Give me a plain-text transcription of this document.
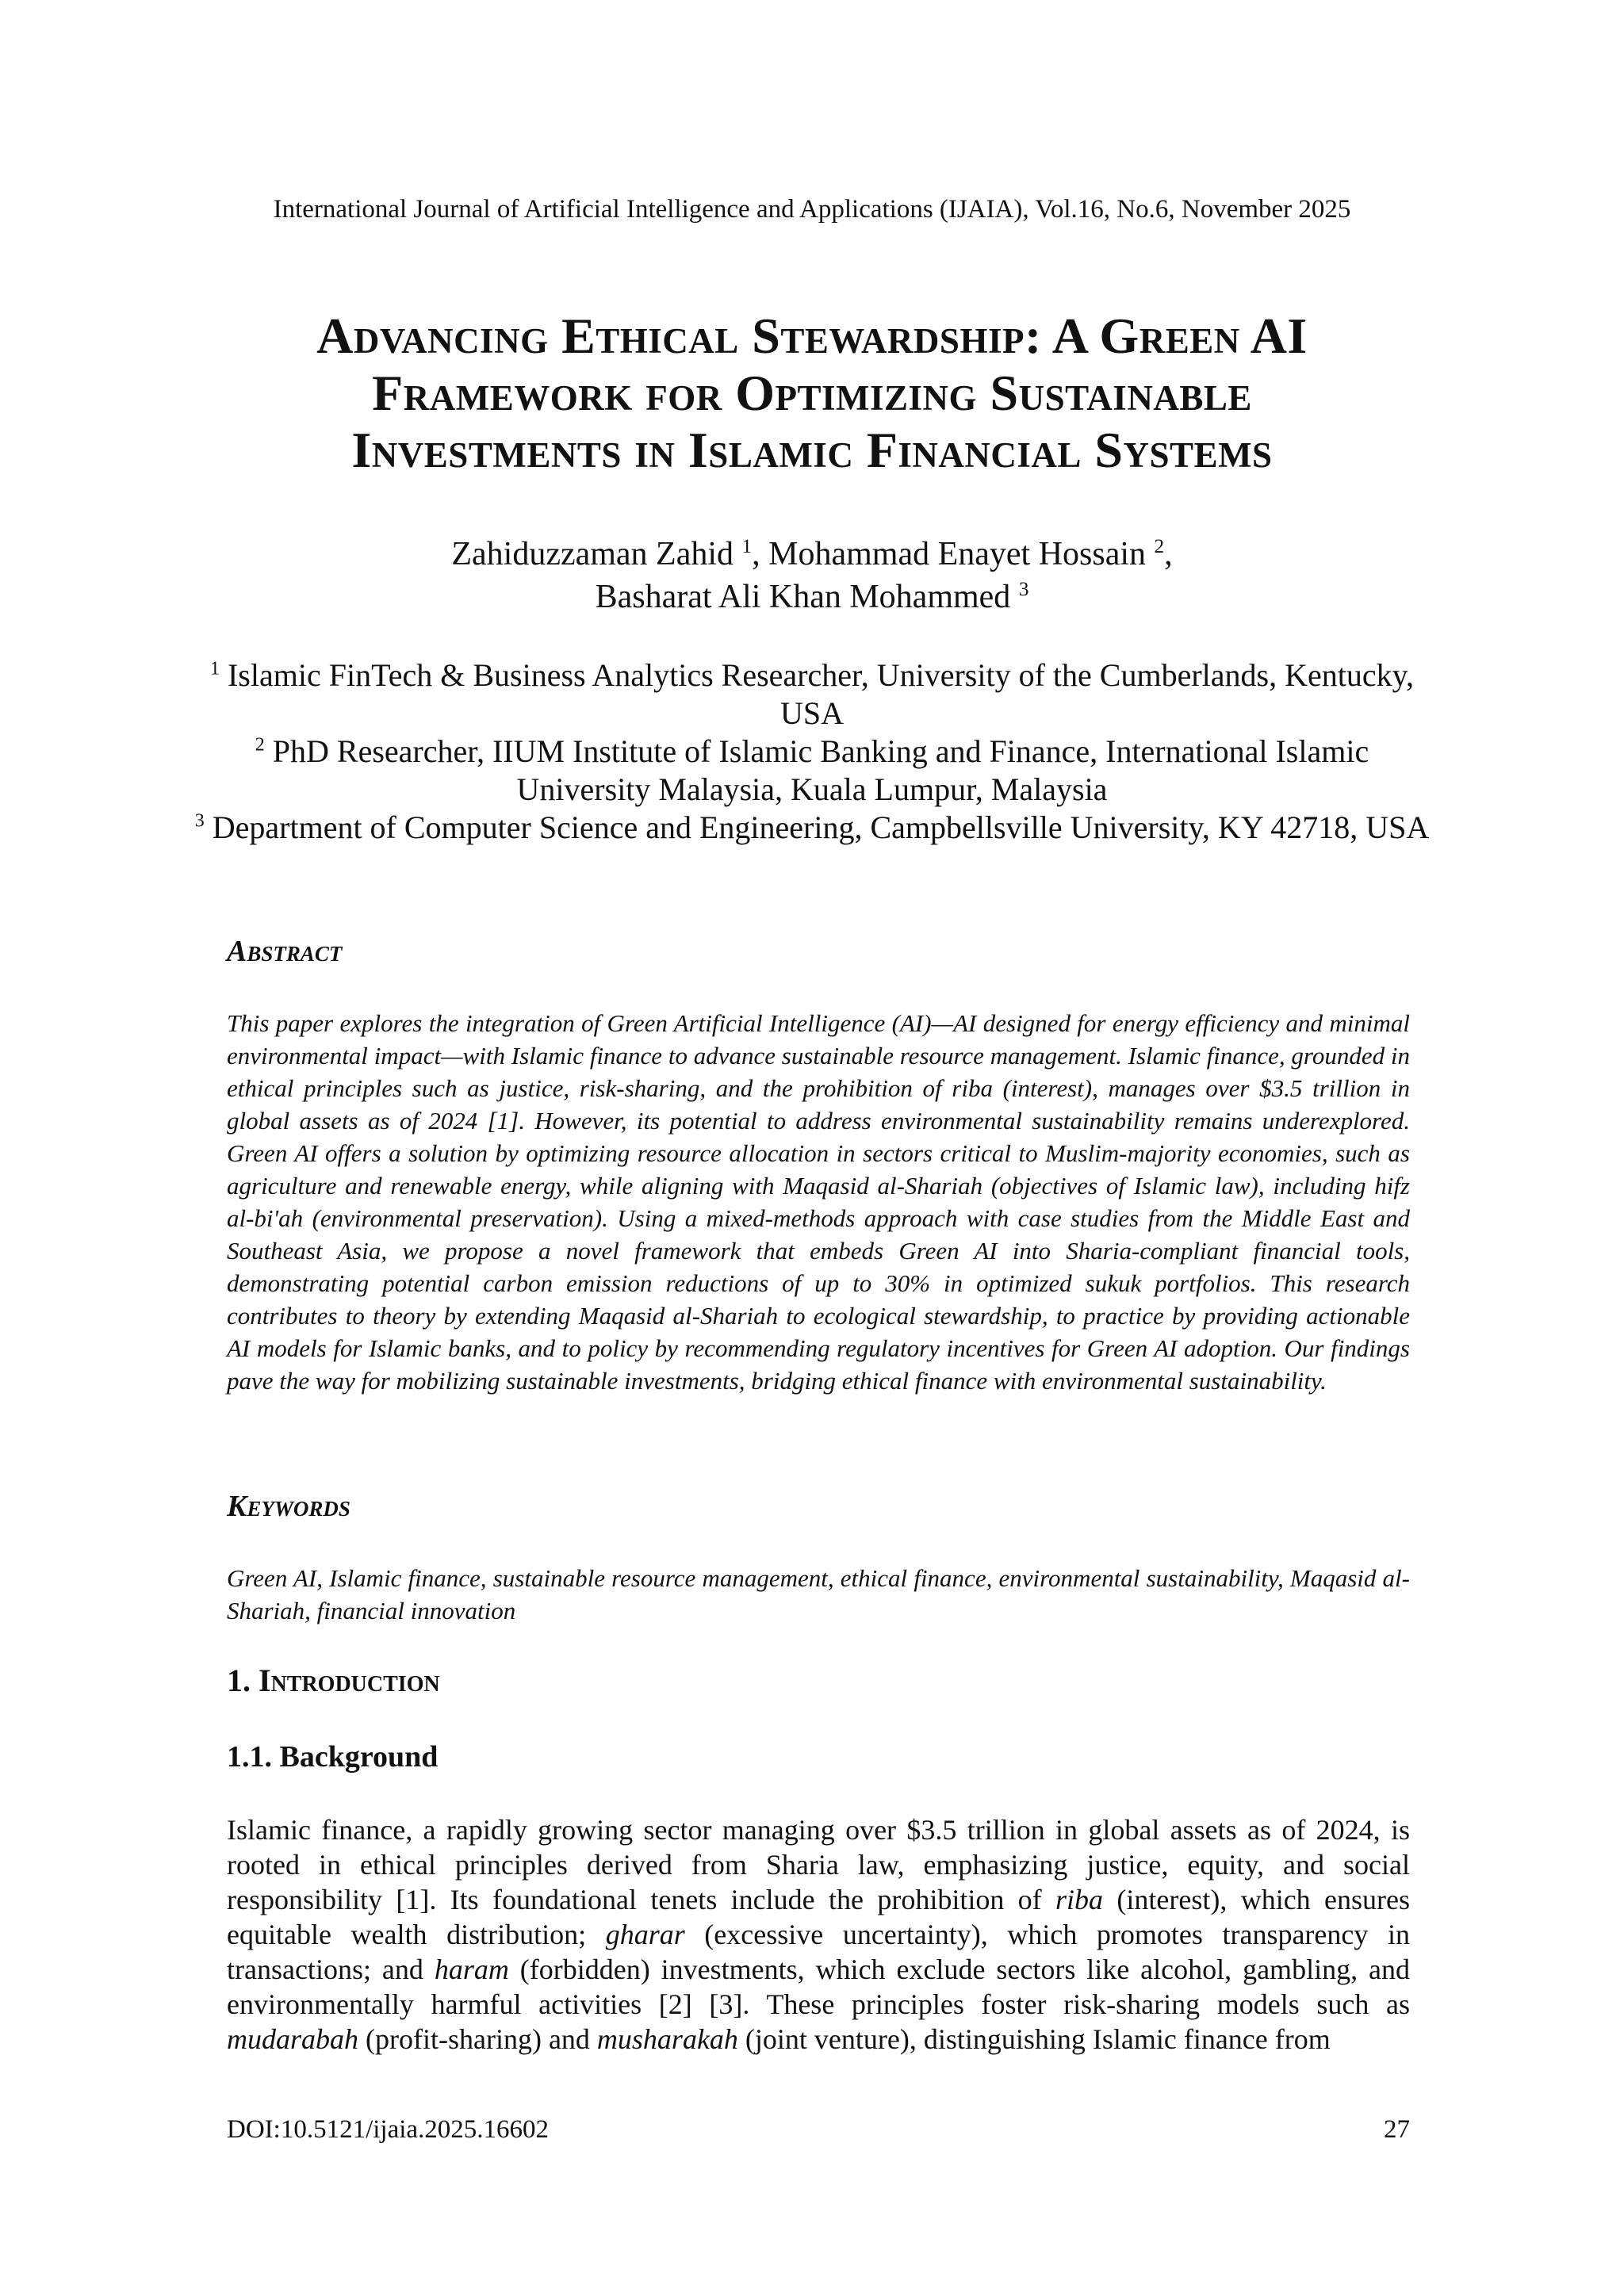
International Journal of Artificial Intelligence and Applications (IJAIA), Vol.16, No.6, November 2025
Advancing Ethical Stewardship: A Green AI
Framework for Optimizing Sustainable
Investments in Islamic Financial Systems
Zahiduzzaman Zahid $^1$, Mohammad Enayet Hossain $^2$,
Basharat Ali Khan Mohammed $^3$
$^1$ Islamic FinTech & Business Analytics Researcher, University of the Cumberlands, Kentucky, USA
$^2$ PhD Researcher, IIUM Institute of Islamic Banking and Finance, International Islamic University Malaysia, Kuala Lumpur, Malaysia
$^3$ Department of Computer Science and Engineering, Campbellsville University, KY 42718, USA
Abstract
This paper explores the integration of Green Artificial Intelligence (AI)—AI designed for energy efficiency and minimal environmental impact—with Islamic finance to advance sustainable resource management. Islamic finance, grounded in ethical principles such as justice, risk-sharing, and the prohibition of riba (interest), manages over $3.5 trillion in global assets as of 2024 [1]. However, its potential to address environmental sustainability remains underexplored. Green AI offers a solution by optimizing resource allocation in sectors critical to Muslim-majority economies, such as agriculture and renewable energy, while aligning with Maqasid al-Shariah (objectives of Islamic law), including hifz al-bi'ah (environmental preservation). Using a mixed-methods approach with case studies from the Middle East and Southeast Asia, we propose a novel framework that embeds Green AI into Sharia-compliant financial tools, demonstrating potential carbon emission reductions of up to 30% in optimized sukuk portfolios. This research contributes to theory by extending Maqasid al-Shariah to ecological stewardship, to practice by providing actionable AI models for Islamic banks, and to policy by recommending regulatory incentives for Green AI adoption. Our findings pave the way for mobilizing sustainable investments, bridging ethical finance with environmental sustainability.
Keywords
Green AI, Islamic finance, sustainable resource management, ethical finance, environmental sustainability, Maqasid al-Shariah, financial innovation
1. Introduction
1.1. Background
Islamic finance, a rapidly growing sector managing over $3.5 trillion in global assets as of 2024, is rooted in ethical principles derived from Sharia law, emphasizing justice, equity, and social responsibility [1]. Its foundational tenets include the prohibition of riba (interest), which ensures equitable wealth distribution; gharar (excessive uncertainty), which promotes transparency in transactions; and haram (forbidden) investments, which exclude sectors like alcohol, gambling, and environmentally harmful activities [2] [3]. These principles foster risk-sharing models such as mudarabah (profit-sharing) and musharakah (joint venture), distinguishing Islamic finance from
DOI:10.5121/ijaia.2025.16602	27
